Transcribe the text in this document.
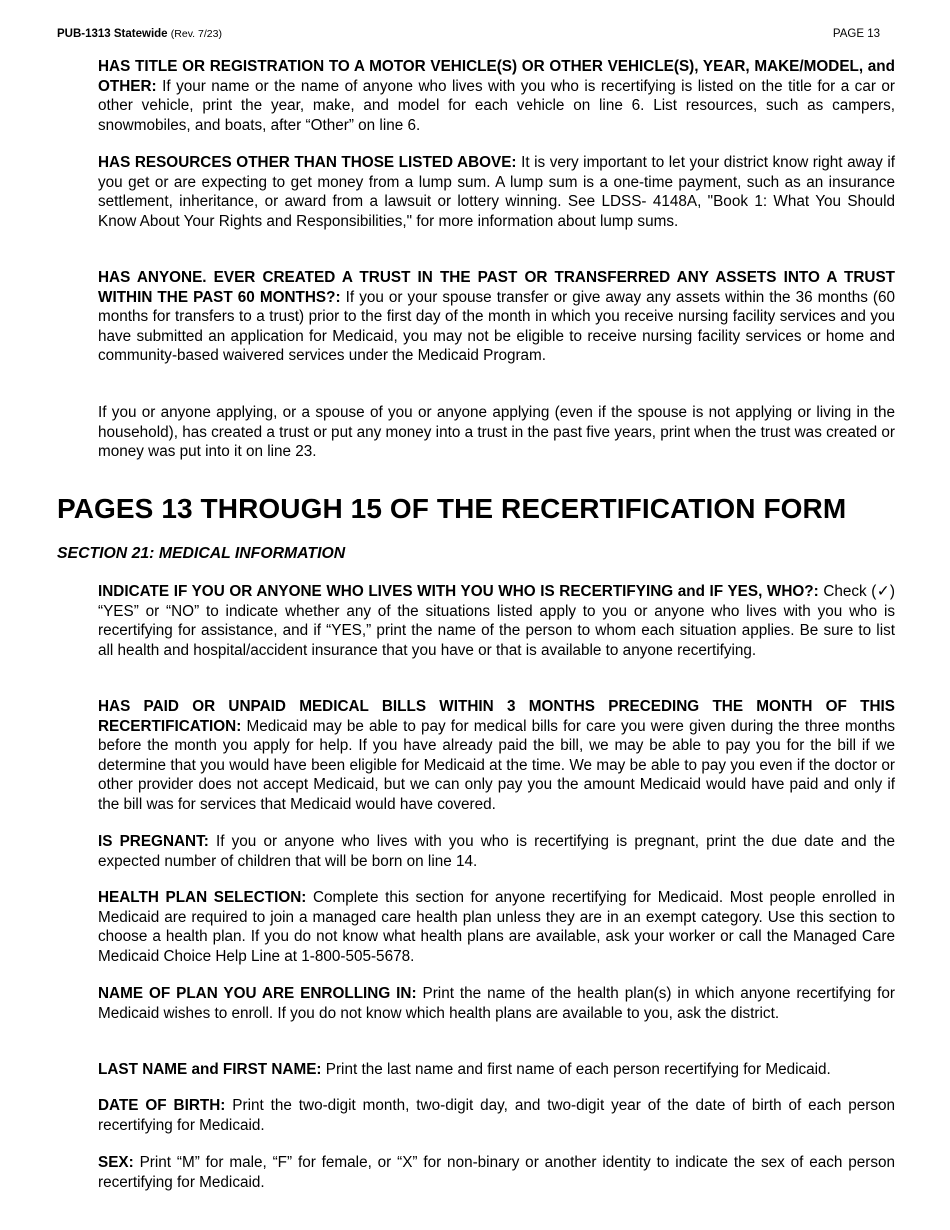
PUB-1313 Statewide (Rev. 7/23)	PAGE 13

HAS TITLE OR REGISTRATION TO A MOTOR VEHICLE(S) OR OTHER VEHICLE(S), YEAR, MAKE/MODEL, and OTHER: If your name or the name of anyone who lives with you who is recertifying is listed on the title for a car or other vehicle, print the year, make, and model for each vehicle on line 6. List resources, such as campers, snowmobiles, and boats, after “Other” on line 6.

HAS RESOURCES OTHER THAN THOSE LISTED ABOVE: It is very important to let your district know right away if you get or are expecting to get money from a lump sum. A lump sum is a one-time payment, such as an insurance settlement, inheritance, or award from a lawsuit or lottery winning. See LDSS- 4148A, "Book 1: What You Should Know About Your Rights and Responsibilities," for more information about lump sums.

HAS ANYONE. EVER CREATED A TRUST IN THE PAST OR TRANSFERRED ANY ASSETS INTO A TRUST WITHIN THE PAST 60 MONTHS?: If you or your spouse transfer or give away any assets within the 36 months (60 months for transfers to a trust) prior to the first day of the month in which you receive nursing facility services and you have submitted an application for Medicaid, you may not be eligible to receive nursing facility services or home and community-based waivered services under the Medicaid Program.

If you or anyone applying, or a spouse of you or anyone applying (even if the spouse is not applying or living in the household), has created a trust or put any money into a trust in the past five years, print when the trust was created or money was put into it on line 23.

PAGES 13 THROUGH 15 OF THE RECERTIFICATION FORM
SECTION 21: MEDICAL INFORMATION

INDICATE IF YOU OR ANYONE WHO LIVES WITH YOU WHO IS RECERTIFYING and IF YES, WHO?: Check (✓) “YES” or “NO” to indicate whether any of the situations listed apply to you or anyone who lives with you who is recertifying for assistance, and if “YES,” print the name of the person to whom each situation applies. Be sure to list all health and hospital/accident insurance that you have or that is available to anyone recertifying.

HAS PAID OR UNPAID MEDICAL BILLS WITHIN 3 MONTHS PRECEDING THE MONTH OF THIS RECERTIFICATION: Medicaid may be able to pay for medical bills for care you were given during the three months before the month you apply for help. If you have already paid the bill, we may be able to pay you for the bill if we determine that you would have been eligible for Medicaid at the time. We may be able to pay you even if the doctor or other provider does not accept Medicaid, but we can only pay you the amount Medicaid would have paid and only if the bill was for services that Medicaid would have covered.

IS PREGNANT: If you or anyone who lives with you who is recertifying is pregnant, print the due date and the expected number of children that will be born on line 14.

HEALTH PLAN SELECTION: Complete this section for anyone recertifying for Medicaid. Most people enrolled in Medicaid are required to join a managed care health plan unless they are in an exempt category. Use this section to choose a health plan. If you do not know what health plans are available, ask your worker or call the Managed Care Medicaid Choice Help Line at 1-800-505-5678.

NAME OF PLAN YOU ARE ENROLLING IN: Print the name of the health plan(s) in which anyone recertifying for Medicaid wishes to enroll. If you do not know which health plans are available to you, ask the district.

LAST NAME and FIRST NAME: Print the last name and first name of each person recertifying for Medicaid.

DATE OF BIRTH: Print the two-digit month, two-digit day, and two-digit year of the date of birth of each person recertifying for Medicaid.

SEX: Print “M” for male, “F” for female, or “X” for non-binary or another identity to indicate the sex of each person recertifying for Medicaid.
